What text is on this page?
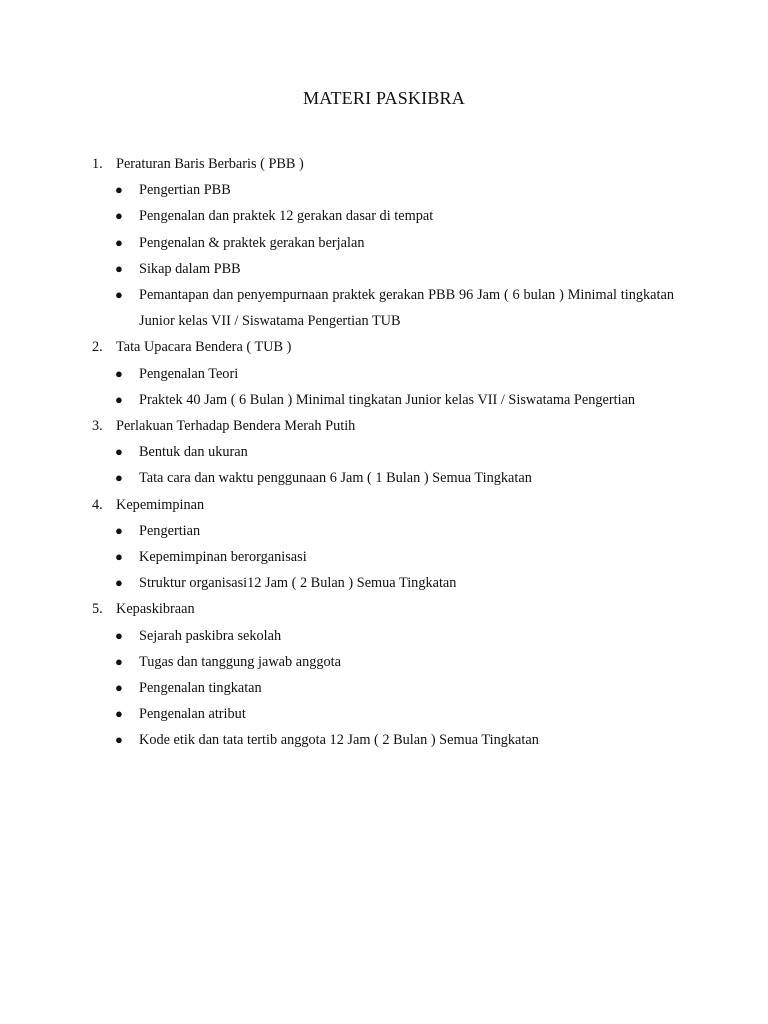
MATERI PASKIBRA
1. Peraturan Baris Berbaris ( PBB )
● Pengertian PBB
● Pengenalan dan praktek 12 gerakan dasar di tempat
● Pengenalan & praktek gerakan berjalan
● Sikap dalam PBB
● Pemantapan dan penyempurnaan praktek gerakan PBB 96 Jam ( 6 bulan ) Minimal tingkatan Junior kelas VII / Siswatama Pengertian TUB
2. Tata Upacara Bendera ( TUB )
● Pengenalan Teori
● Praktek 40 Jam ( 6 Bulan ) Minimal tingkatan Junior kelas VII / Siswatama Pengertian
3. Perlakuan Terhadap Bendera Merah Putih
● Bentuk dan ukuran
● Tata cara dan waktu penggunaan 6 Jam ( 1 Bulan ) Semua Tingkatan
4. Kepemimpinan
● Pengertian
● Kepemimpinan berorganisasi
● Struktur organisasi12 Jam ( 2 Bulan ) Semua Tingkatan
5. Kepaskibraan
● Sejarah paskibra sekolah
● Tugas dan tanggung jawab anggota
● Pengenalan tingkatan
● Pengenalan atribut
● Kode etik dan tata tertib anggota 12 Jam ( 2 Bulan ) Semua Tingkatan
